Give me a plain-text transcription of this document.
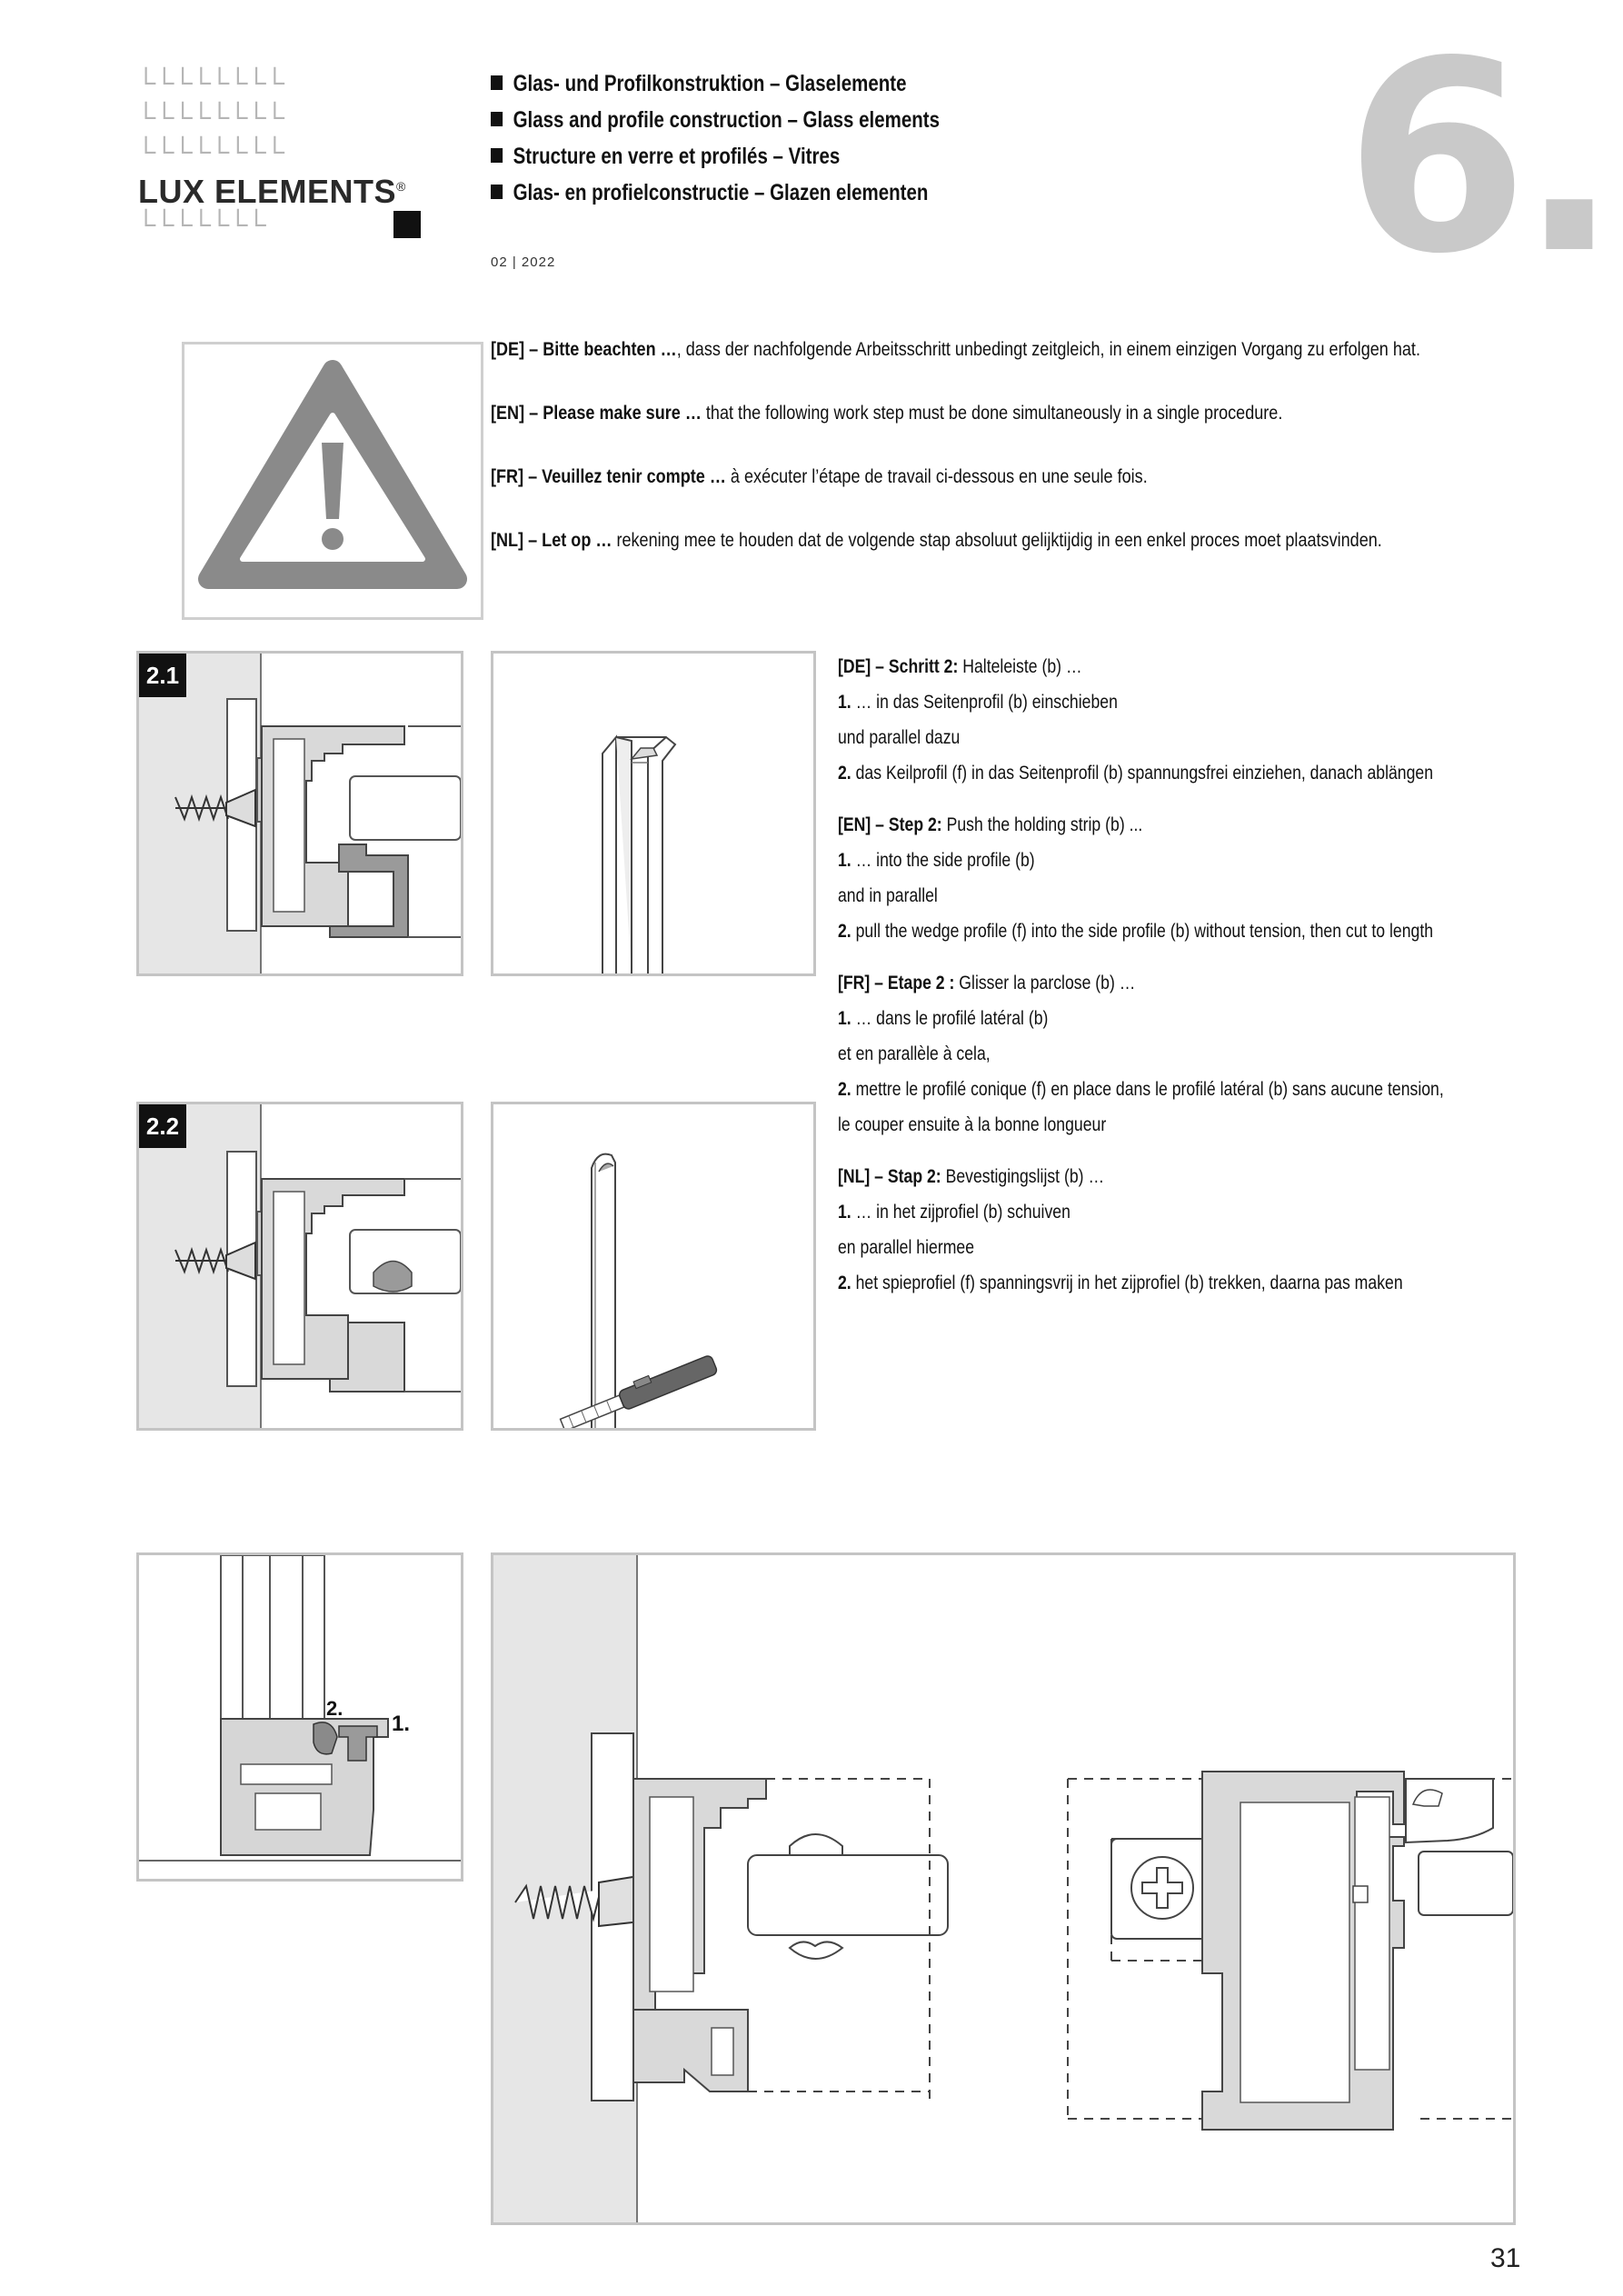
└└└└└└└└
└└└└└└└└
└└└└└└└└
LUX ELEMENTS®
└└└└└└└
Glas- und Profilkonstruktion – Glaselemente
Glass and profile construction – Glass elements
Structure en verre et profilés – Vitres
Glas- en profielconstructie – Glazen elementen
02 | 2022	6.
[DE] – Bitte beachten …, dass der nachfolgende Arbeitsschritt unbedingt zeitgleich, in einem einzigen Vorgang zu erfolgen hat.
[EN] – Please make sure … that the following work step must be done simultaneously in a single procedure.
[FR] – Veuillez tenir compte … à exécuter l’étape de travail ci-dessous en une seule fois.
[NL] – Let op … rekening mee te houden dat de volgende stap absoluut gelijktijdig in een enkel proces moet plaatsvinden.
2.1
2.2
[DE] – Schritt 2: Halteleiste (b) …
1. … in das Seitenprofil (b) einschieben
und parallel dazu
2. das Keilprofil (f) in das Seitenprofil (b) spannungsfrei einziehen, danach ablängen
[EN] – Step 2: Push the holding strip (b) ...
1. … into the side profile (b)
and in parallel
2. pull the wedge profile (f) into the side profile (b) without tension, then cut to length
[FR] – Etape 2 : Glisser la parclose (b) …
1. … dans le profilé latéral (b)
et en parallèle à cela,
2. mettre le profilé conique (f) en place dans le profilé latéral (b) sans aucune tension,
le couper ensuite à la bonne longueur
[NL] – Stap 2: Bevestigingslijst (b) …
1. … in het zijprofiel (b) schuiven
en parallel hiermee
2. het spieprofiel (f) spanningsvrij in het zijprofiel (b) trekken, daarna pas maken
2.
1.
31
